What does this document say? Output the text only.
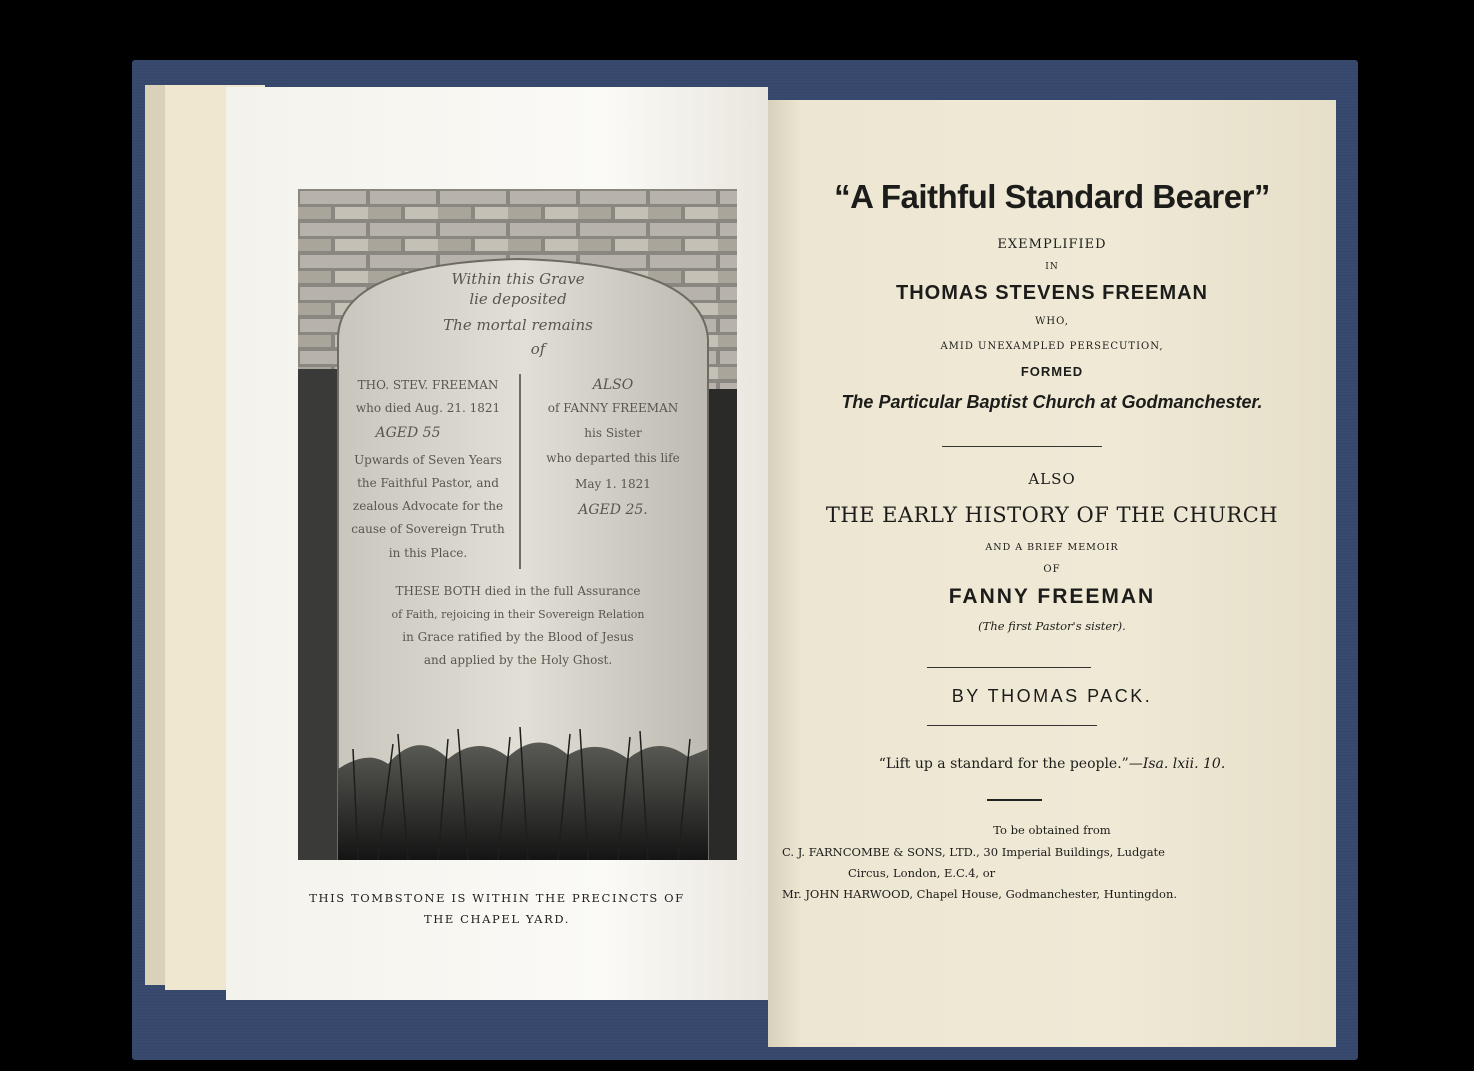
Within this Grave
lie deposited
The mortal remains
of
THO. STEV. FREEMAN
who died Aug. 21. 1821
AGED 55
Upwards of Seven Years
the Faithful Pastor, and
zealous Advocate for the
cause of Sovereign Truth
in this Place.
ALSO
of FANNY FREEMAN
his Sister
who departed this life
May 1. 1821
AGED 25.
THESE BOTH died in the full Assurance
of Faith, rejoicing in their Sovereign Relation
in Grace ratified by the Blood of Jesus
and applied by the Holy Ghost.
THIS TOMBSTONE IS WITHIN THE PRECINCTS OF
THE CHAPEL YARD.
“A Faithful Standard Bearer”
EXEMPLIFIED
IN
THOMAS STEVENS FREEMAN
WHO,
AMID UNEXAMPLED PERSECUTION,
FORMED
The Particular Baptist Church at Godmanchester.
ALSO
THE EARLY HISTORY OF THE CHURCH
AND A BRIEF MEMOIR
OF
FANNY FREEMAN
(The first Pastor's sister).
BY THOMAS PACK.
“Lift up a standard for the people.”—Isa. lxii. 10.
To be obtained from
C. J. FARNCOMBE & SONS, LTD., 30 Imperial Buildings, Ludgate
Circus, London, E.C.4, or
Mr. JOHN HARWOOD, Chapel House, Godmanchester, Huntingdon.
